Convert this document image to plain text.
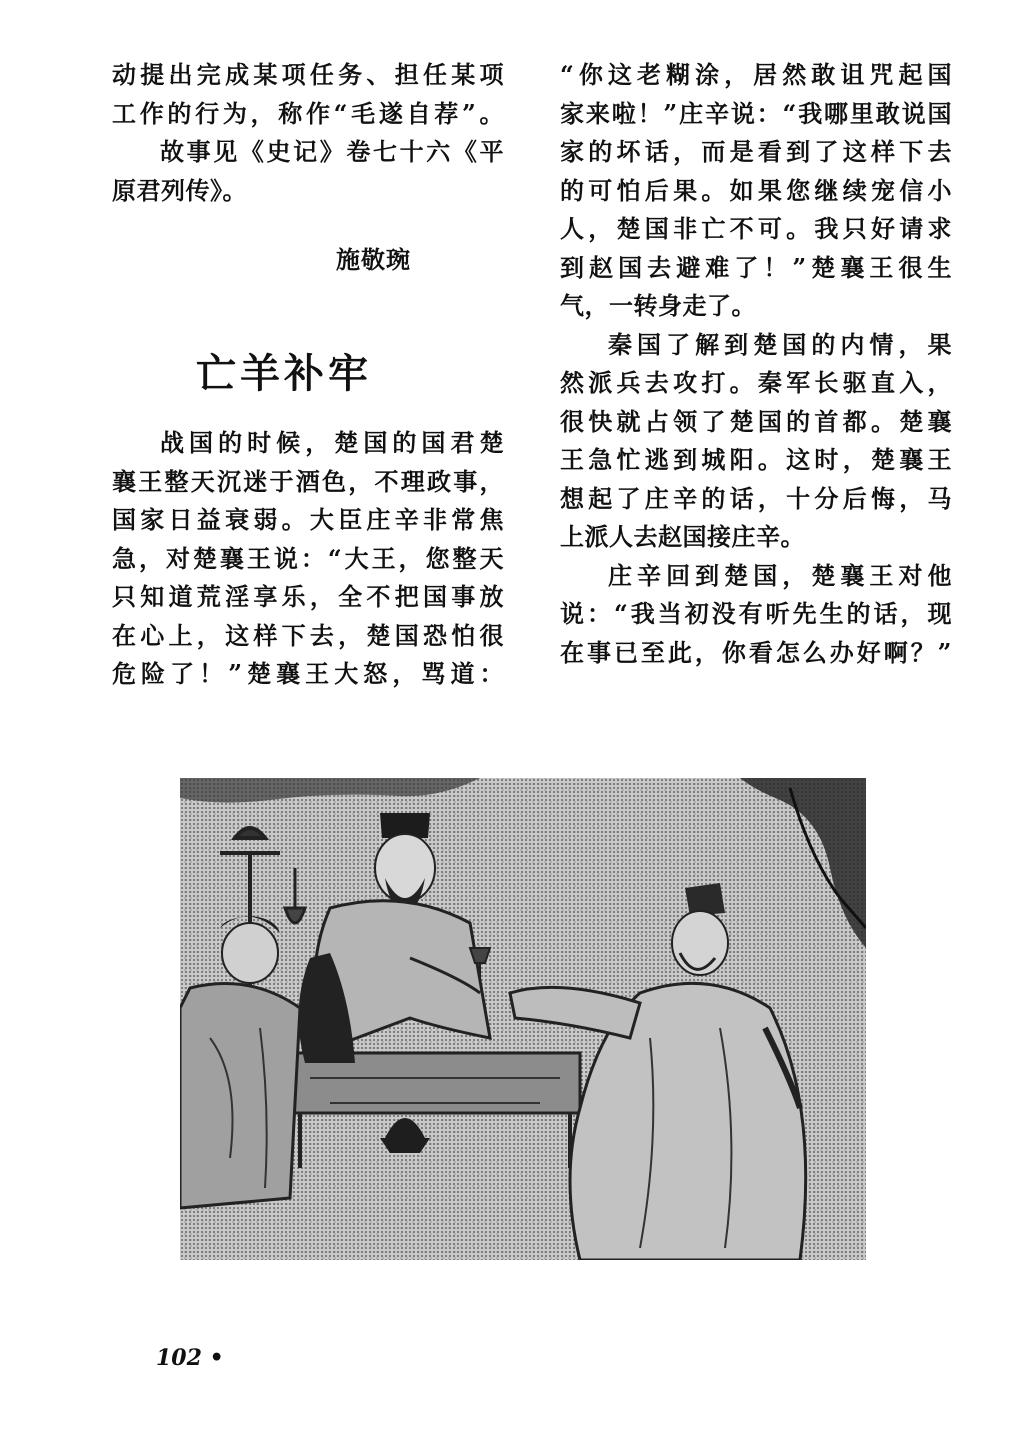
动提出完成某项任务、担任某项
工作的行为，称作“毛遂自荐”。
故事见《史记》卷七十六《平
原君列传》。
施敬琬
亡羊补牢
战国的时候，楚国的国君楚
襄王整天沉迷于酒色，不理政事，
国家日益衰弱。大臣庄辛非常焦
急，对楚襄王说：“大王，您整天
只知道荒淫享乐，全不把国事放
在心上，这样下去，楚国恐怕很
危险了！”楚襄王大怒，骂道：
“你这老糊涂，居然敢诅咒起国
家来啦！”庄辛说：“我哪里敢说国
家的坏话，而是看到了这样下去
的可怕后果。如果您继续宠信小
人，楚国非亡不可。我只好请求
到赵国去避难了！”楚襄王很生
气，一转身走了。
秦国了解到楚国的内情，果
然派兵去攻打。秦军长驱直入，
很快就占领了楚国的首都。楚襄
王急忙逃到城阳。这时，楚襄王
想起了庄辛的话，十分后悔，马
上派人去赵国接庄辛。
庄辛回到楚国，楚襄王对他
说：“我当初没有听先生的话，现
在事已至此，你看怎么办好啊？”
102 •
